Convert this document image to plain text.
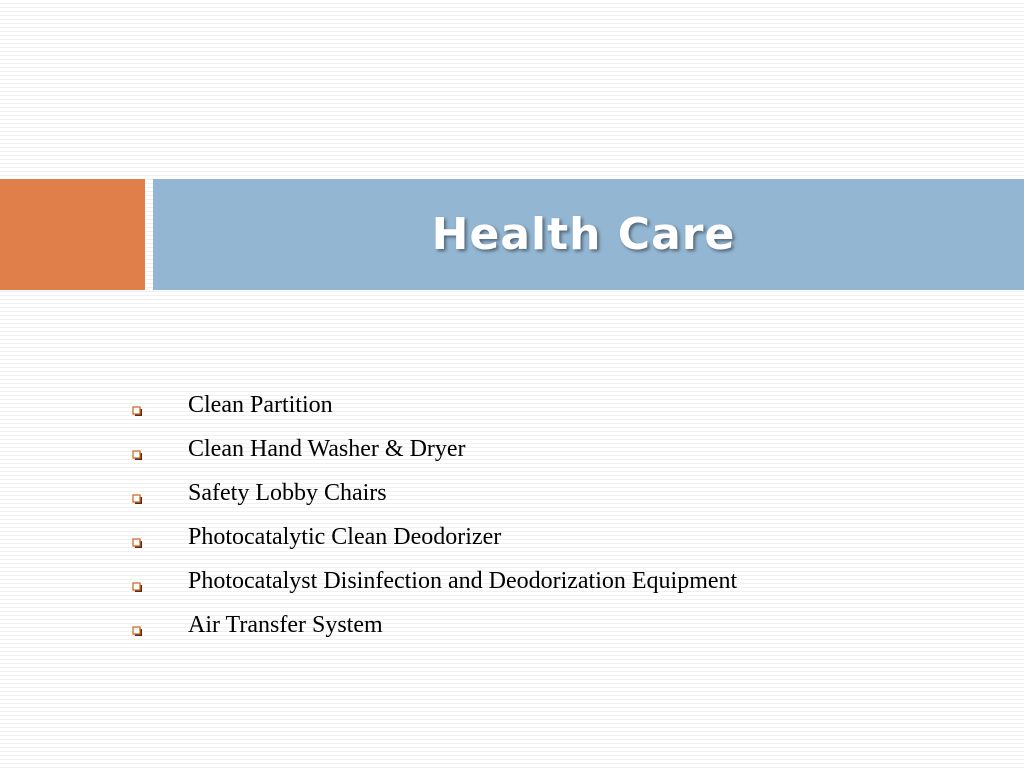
Health Care
Clean Partition
Clean Hand Washer & Dryer
Safety Lobby Chairs
Photocatalytic Clean Deodorizer
Photocatalyst Disinfection and Deodorization Equipment
Air Transfer System
